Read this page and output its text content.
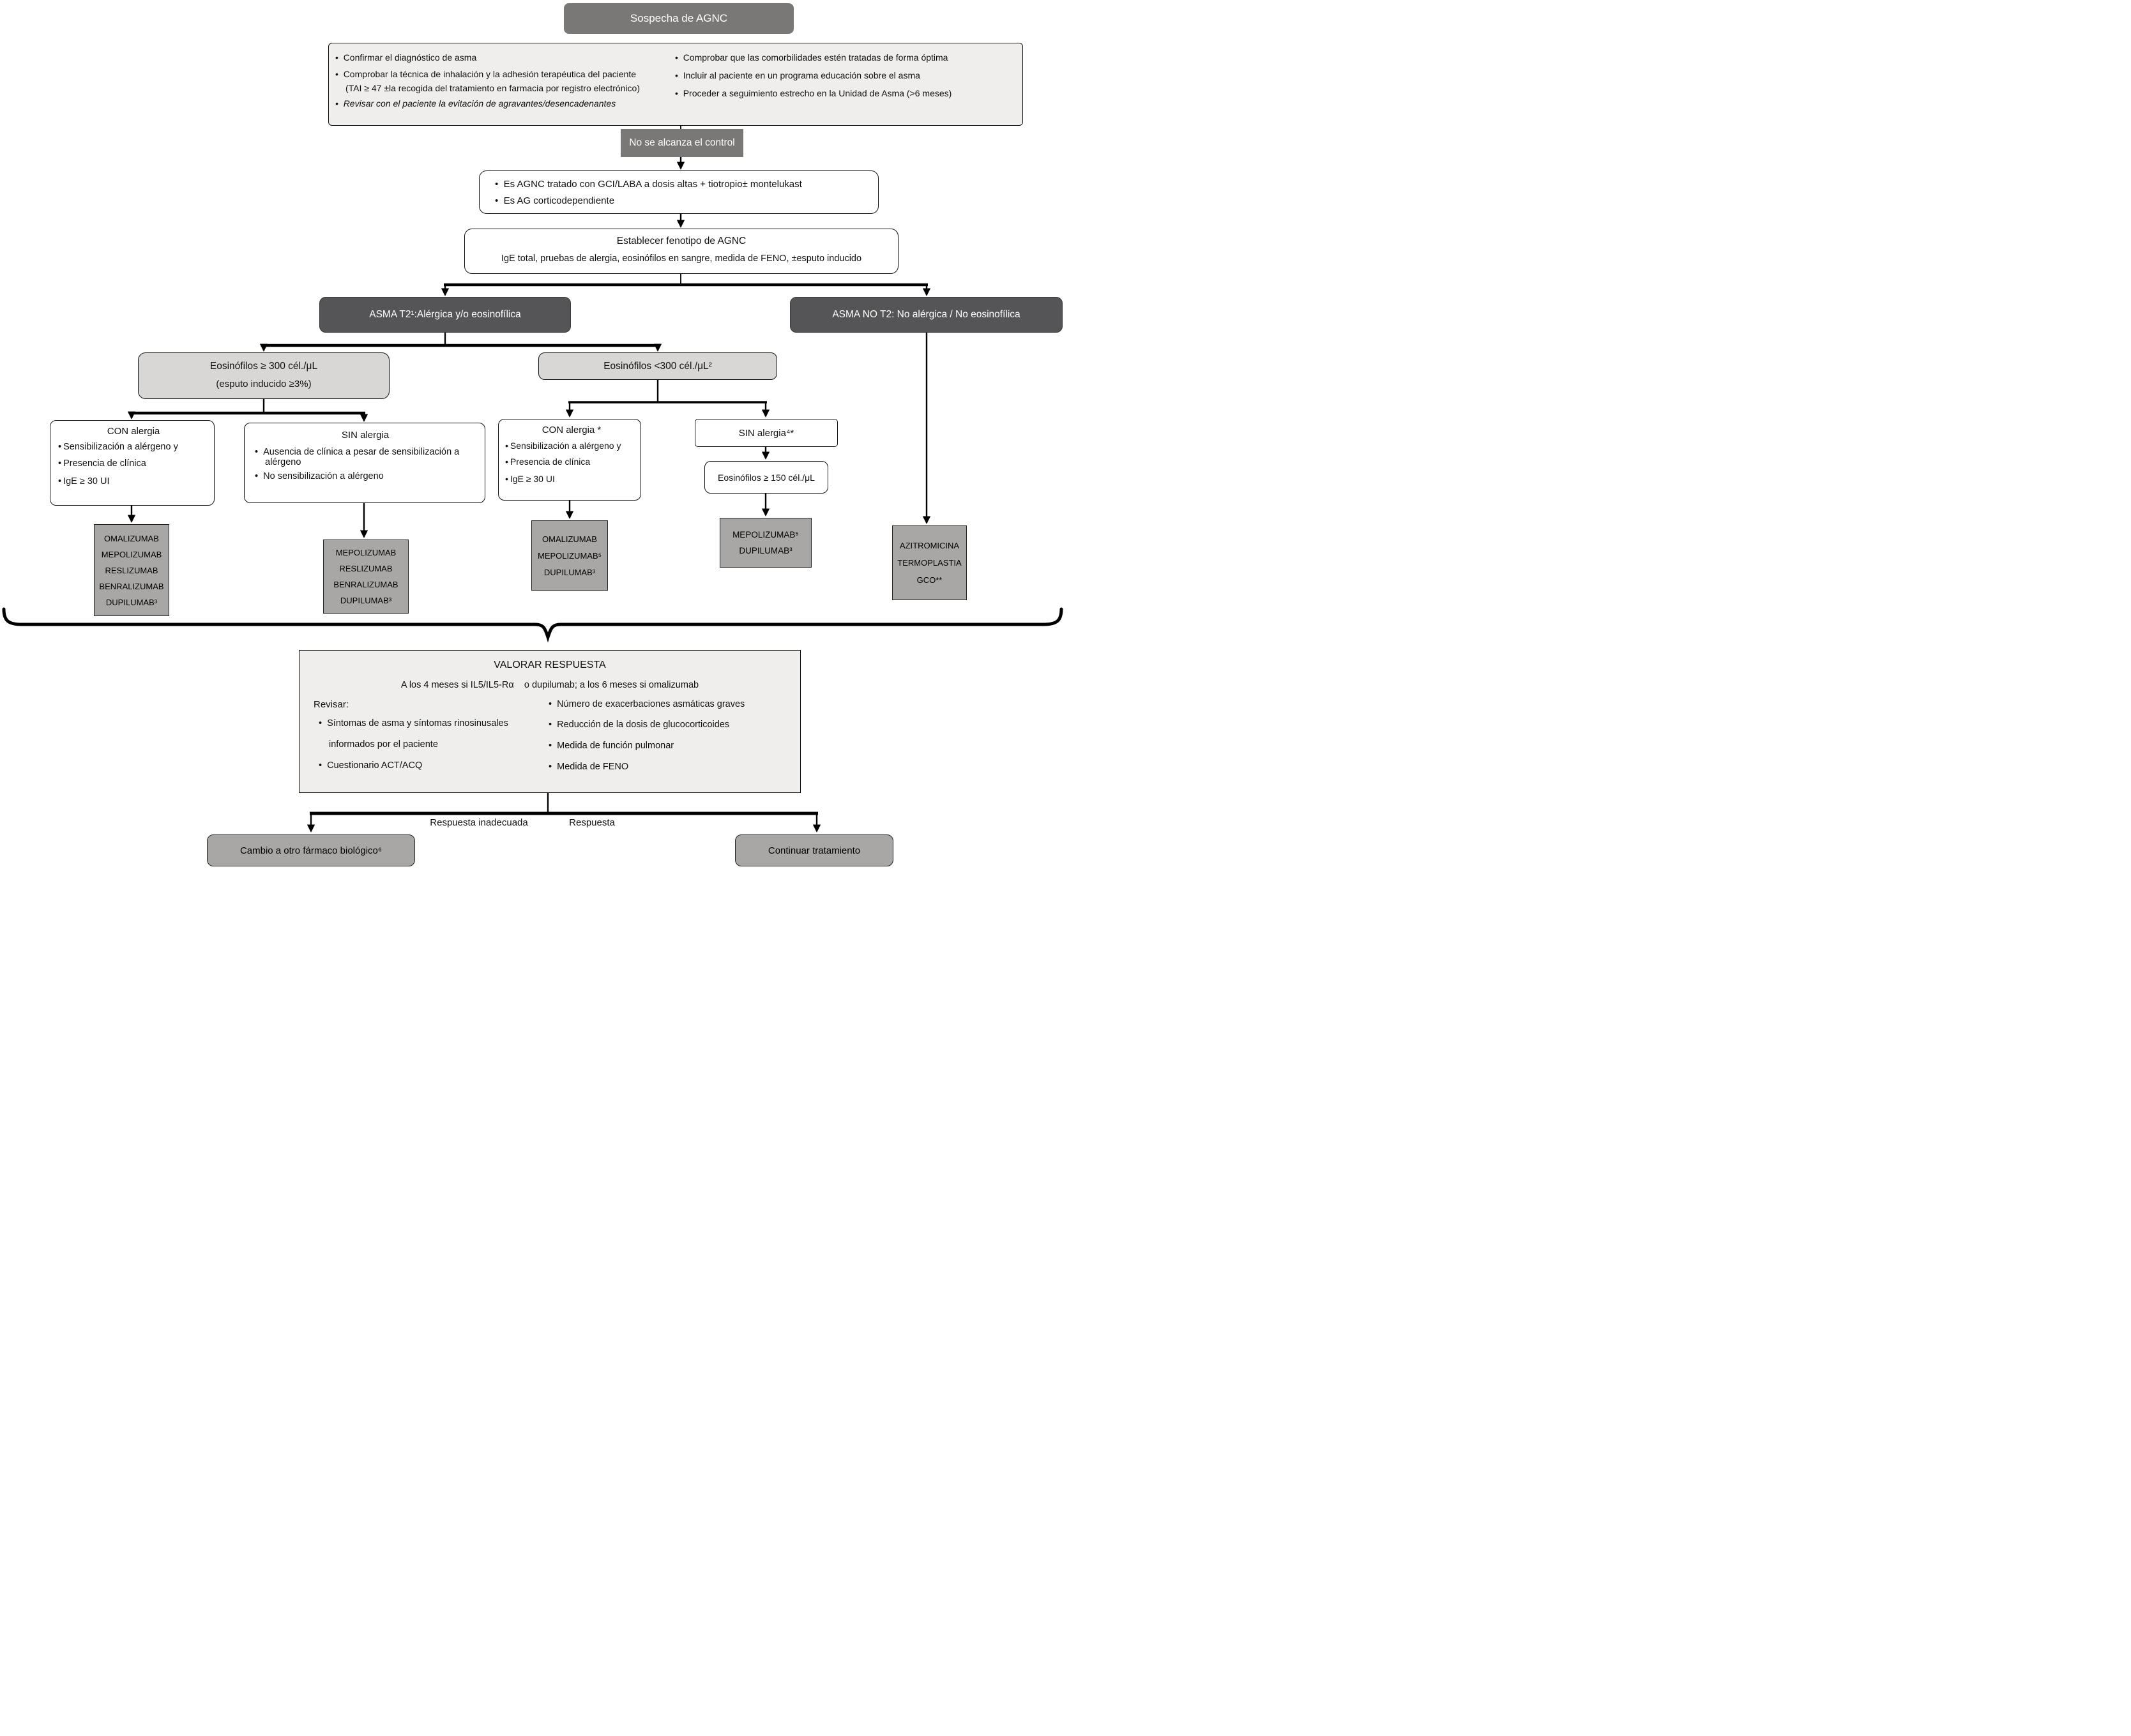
Sospecha de AGNC
•  Confirmar el diagnóstico de asma
•  Comprobar la técnica de inhalación y la adhesión terapéutica del paciente
(TAI ≥ 47 ±la recogida del tratamiento en farmacia por registro electrónico)
•  Revisar con el paciente la evitación de agravantes/desencadenantes
•  Comprobar que las comorbilidades estén tratadas de forma óptima
•  Incluir al paciente en un programa educación sobre el asma
•  Proceder a seguimiento estrecho en la Unidad de Asma (>6 meses)
No se alcanza el control
•  Es AGNC tratado con GCI/LABA a dosis altas + tiotropio± montelukast
•  Es AG corticodependiente
Establecer fenotipo de AGNC
IgE total, pruebas de alergia, eosinófilos en sangre, medida de FENO, ±esputo inducido
ASMA T2¹:Alérgica y/o eosinofílica	ASMA NO T2: No alérgica / No eosinofílica
Eosinófilos ≥ 300 cél./μL
(esputo inducido ≥3%)
Eosinófilos <300 cél./μL²
CON alergia
• Sensibilización a alérgeno y
• Presencia de clínica
• IgE ≥ 30 UI
SIN alergia
•  Ausencia de clínica a pesar de sensibilización a alérgeno
•  No sensibilización a alérgeno
CON alergia *
• Sensibilización a alérgeno y
• Presencia de clínica
• IgE ≥ 30 UI
SIN alergia⁴*
Eosinófilos ≥ 150 cél./μL
OMALIZUMAB
MEPOLIZUMAB
RESLIZUMAB
BENRALIZUMAB
DUPILUMAB³
MEPOLIZUMAB
RESLIZUMAB
BENRALIZUMAB
DUPILUMAB³
OMALIZUMAB
MEPOLIZUMAB⁵
DUPILUMAB³
MEPOLIZUMAB⁵
DUPILUMAB³
AZITROMICINA
TERMOPLASTIA
GCO**
VALORAR RESPUESTA
A los 4 meses si IL5/IL5-Rα    o dupilumab; a los 6 meses si omalizumab
Revisar:
•  Síntomas de asma y síntomas rinosinusales
informados por el paciente
•  Cuestionario ACT/ACQ
•  Número de exacerbaciones asmáticas graves
•  Reducción de la dosis de glucocorticoides
•  Medida de función pulmonar
•  Medida de FENO
Respuesta inadecuada	Respuesta
Cambio a otro fármaco biológico⁶	Continuar tratamiento
